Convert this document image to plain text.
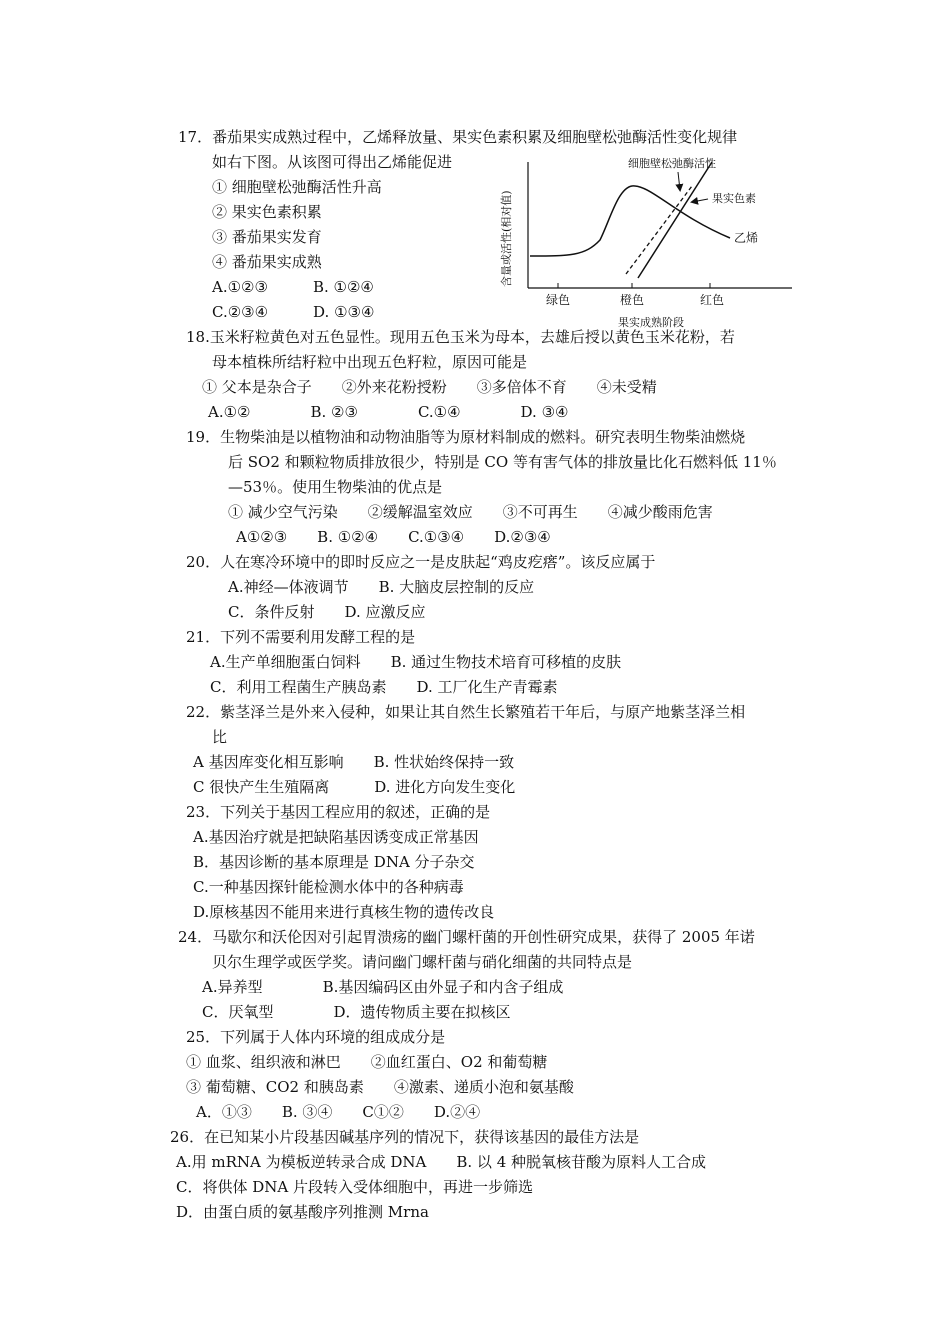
17．番茄果实成熟过程中，乙烯释放量、果实色素积累及细胞壁松弛酶活性变化规律
如右下图。从该图可得出乙烯能促进
① 细胞壁松弛酶活性升高
② 果实色素积累
③ 番茄果实发育
④ 番茄果实成熟
A.①②③　　　B. ①②④
C.②③④　　　D. ①③④
含量或活性(相对值)
细胞壁松弛酶活性
果实色素
乙烯
绿色	橙色	红色
果实成熟阶段
18.玉米籽粒黄色对五色显性。现用五色玉米为母本，去雄后授以黄色玉米花粉，若
母本植株所结籽粒中出现五色籽粒，原因可能是
① 父本是杂合子　　②外来花粉授粉　　③多倍体不育　　④未受精
A.①②　　　　B. ②③　　　　C.①④　　　　D. ③④
19．生物柴油是以植物油和动物油脂等为原材料制成的燃料。研究表明生物柴油燃烧
后 SO2 和颗粒物质排放很少，特别是 CO 等有害气体的排放量比化石燃料低 11％
—53％。使用生物柴油的优点是
① 减少空气污染　　②缓解温室效应　　③不可再生　　④减少酸雨危害
A①②③　　B. ①②④　　C.①③④　　D.②③④
20．人在寒冷环境中的即时反应之一是皮肤起“鸡皮疙瘩”。该反应属于
A.神经—体液调节　　B. 大脑皮层控制的反应
C．条件反射　　D. 应激反应
21．下列不需要利用发酵工程的是
A.生产单细胞蛋白饲料　　B. 通过生物技术培育可移植的皮肤
C．利用工程菌生产胰岛素　　D. 工厂化生产青霉素
22．紫茎泽兰是外来入侵种，如果让其自然生长繁殖若干年后，与原产地紫茎泽兰相
比
A 基因库变化相互影响　　B. 性状始终保持一致
C 很快产生生殖隔离　　　D. 进化方向发生变化
23．下列关于基因工程应用的叙述，正确的是
A.基因治疗就是把缺陷基因诱变成正常基因
B．基因诊断的基本原理是 DNA 分子杂交
C.一种基因探针能检测水体中的各种病毒
D.原核基因不能用来进行真核生物的遗传改良
24．马歇尔和沃伦因对引起胃溃疡的幽门螺杆菌的开创性研究成果，获得了 2005 年诺
贝尔生理学或医学奖。请问幽门螺杆菌与硝化细菌的共同特点是
A.异养型　　　　B.基因编码区由外显子和内含子组成
C．厌氧型　　　　D．遗传物质主要在拟核区
25．下列属于人体内环境的组成成分是
① 血浆、组织液和淋巴　　②血红蛋白、O2 和葡萄糖
③ 葡萄糖、CO2 和胰岛素　　④激素、递质小泡和氨基酸
A．①③　　B. ③④　　C①②　　D.②④
26．在已知某小片段基因碱基序列的情况下，获得该基因的最佳方法是
A.用 mRNA 为模板逆转录合成 DNA　　B. 以 4 种脱氧核苷酸为原料人工合成
C．将供体 DNA 片段转入受体细胞中，再进一步筛选
D．由蛋白质的氨基酸序列推测 Mrna
